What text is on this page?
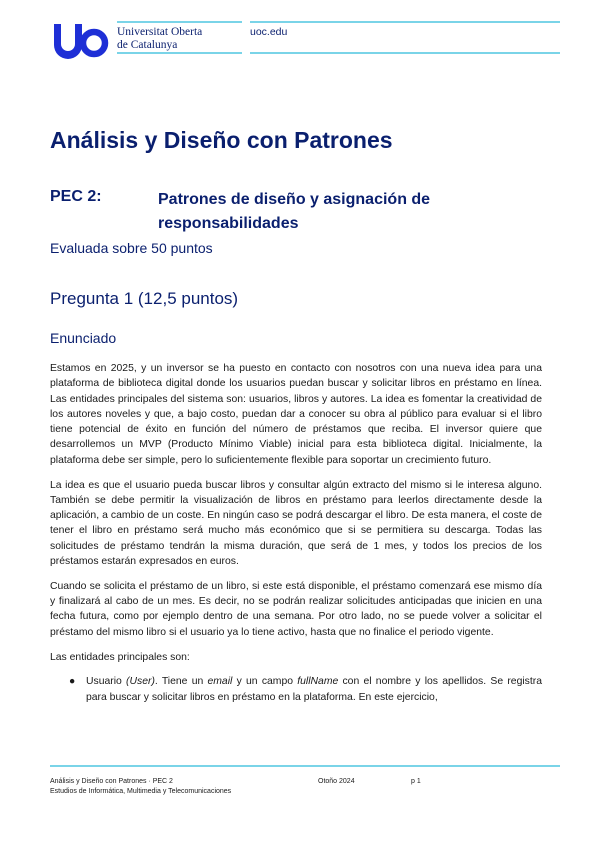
Universitat Oberta
de Catalunya
uoc.edu
Análisis y Diseño con Patrones
PEC 2:	Patrones de diseño y asignación de responsabilidades
Evaluada sobre 50 puntos
Pregunta 1 (12,5 puntos)
Enunciado

Estamos en 2025, y un inversor se ha puesto en contacto con nosotros con una nueva idea para una plataforma de biblioteca digital donde los usuarios puedan buscar y solicitar libros en préstamo en línea. Las entidades principales del sistema son: usuarios, libros y autores. La idea es fomentar la creatividad de los autores noveles y que, a bajo costo, puedan dar a conocer su obra al público para evaluar si el libro tiene potencial de éxito en función del número de préstamos que reciba. El inversor quiere que desarrollemos un MVP (Producto Mínimo Viable) inicial para esta biblioteca digital. Inicialmente, la plataforma debe ser simple, pero lo suficientemente flexible para soportar un crecimiento futuro.

La idea es que el usuario pueda buscar libros y consultar algún extracto del mismo si le interesa alguno. También se debe permitir la visualización de libros en préstamo para leerlos directamente desde la aplicación, a cambio de un coste. En ningún caso se podrá descargar el libro. De esta manera, el coste de tener el libro en préstamo será mucho más económico que si se permitiera su descarga. Todas las solicitudes de préstamo tendrán la misma duración, que será de 1 mes, y todos los precios de los préstamos estarán expresados en euros.

Cuando se solicita el préstamo de un libro, si este está disponible, el préstamo comenzará ese mismo día y finalizará al cabo de un mes. Es decir, no se podrán realizar solicitudes anticipadas que inicien en una fecha futura, como por ejemplo dentro de una semana. Por otro lado, no se puede volver a solicitar el préstamo del mismo libro si el usuario ya lo tiene activo, hasta que no finalice el periodo vigente.

Las entidades principales son:

● Usuario (User). Tiene un email y un campo fullName con el nombre y los apellidos. Se registra para buscar y solicitar libros en préstamo en la plataforma. En este ejercicio,
Análisis y Diseño con Patrones · PEC 2
Estudios de Informática, Multimedia y Telecomunicaciones
Otoño 2024	p 1
